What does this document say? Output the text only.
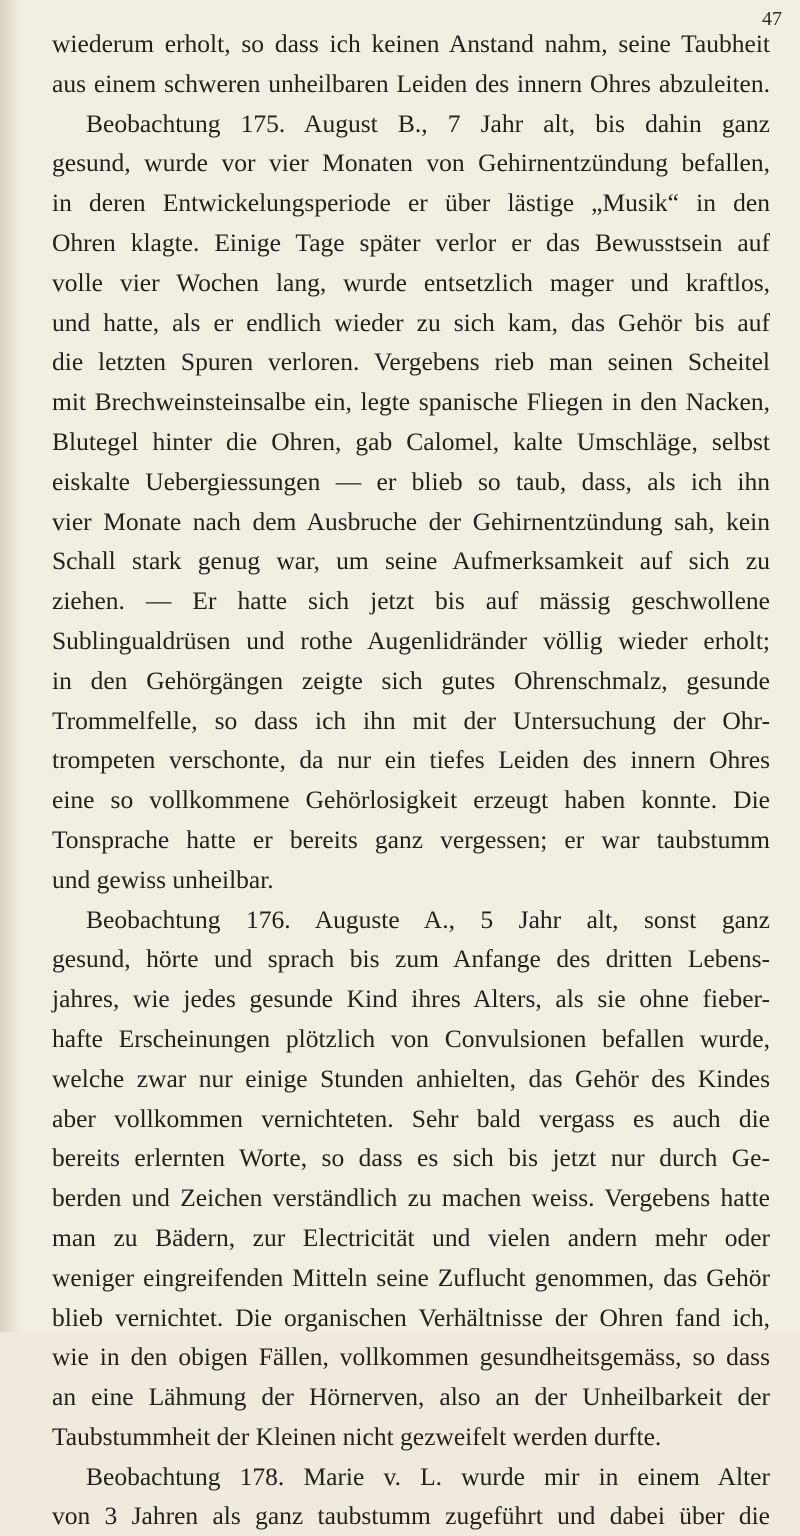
47
wiederum erholt, so dass ich keinen Anstand nahm, seine Taubheit
aus einem schweren unheilbaren Leiden des innern Ohres abzuleiten.
Beobachtung 175. August B., 7 Jahr alt, bis dahin ganz
gesund, wurde vor vier Monaten von Gehirnentzündung befallen,
in deren Entwickelungsperiode er über lästige „Musik“ in den
Ohren klagte. Einige Tage später verlor er das Bewusstsein auf
volle vier Wochen lang, wurde entsetzlich mager und kraftlos,
und hatte, als er endlich wieder zu sich kam, das Gehör bis auf
die letzten Spuren verloren. Vergebens rieb man seinen Scheitel
mit Brechweinsteinsalbe ein, legte spanische Fliegen in den Nacken,
Blutegel hinter die Ohren, gab Calomel, kalte Umschläge, selbst
eiskalte Uebergiessungen — er blieb so taub, dass, als ich ihn
vier Monate nach dem Ausbruche der Gehirnentzündung sah, kein
Schall stark genug war, um seine Aufmerksamkeit auf sich zu
ziehen. — Er hatte sich jetzt bis auf mässig geschwollene
Sublingualdrüsen und rothe Augenlidränder völlig wieder erholt;
in den Gehörgängen zeigte sich gutes Ohrenschmalz, gesunde
Trommelfelle, so dass ich ihn mit der Untersuchung der Ohr-
trompeten verschonte, da nur ein tiefes Leiden des innern Ohres
eine so vollkommene Gehörlosigkeit erzeugt haben konnte. Die
Tonsprache hatte er bereits ganz vergessen; er war taubstumm
und gewiss unheilbar.
Beobachtung 176. Auguste A., 5 Jahr alt, sonst ganz
gesund, hörte und sprach bis zum Anfange des dritten Lebens-
jahres, wie jedes gesunde Kind ihres Alters, als sie ohne fieber-
hafte Erscheinungen plötzlich von Convulsionen befallen wurde,
welche zwar nur einige Stunden anhielten, das Gehör des Kindes
aber vollkommen vernichteten. Sehr bald vergass es auch die
bereits erlernten Worte, so dass es sich bis jetzt nur durch Ge-
berden und Zeichen verständlich zu machen weiss. Vergebens hatte
man zu Bädern, zur Electricität und vielen andern mehr oder
weniger eingreifenden Mitteln seine Zuflucht genommen, das Gehör
blieb vernichtet. Die organischen Verhältnisse der Ohren fand ich,
wie in den obigen Fällen, vollkommen gesundheitsgemäss, so dass
an eine Lähmung der Hörnerven, also an der Unheilbarkeit der
Taubstummheit der Kleinen nicht gezweifelt werden durfte.
Beobachtung 178. Marie v. L. wurde mir in einem Alter
von 3 Jahren als ganz taubstumm zugeführt und dabei über die
